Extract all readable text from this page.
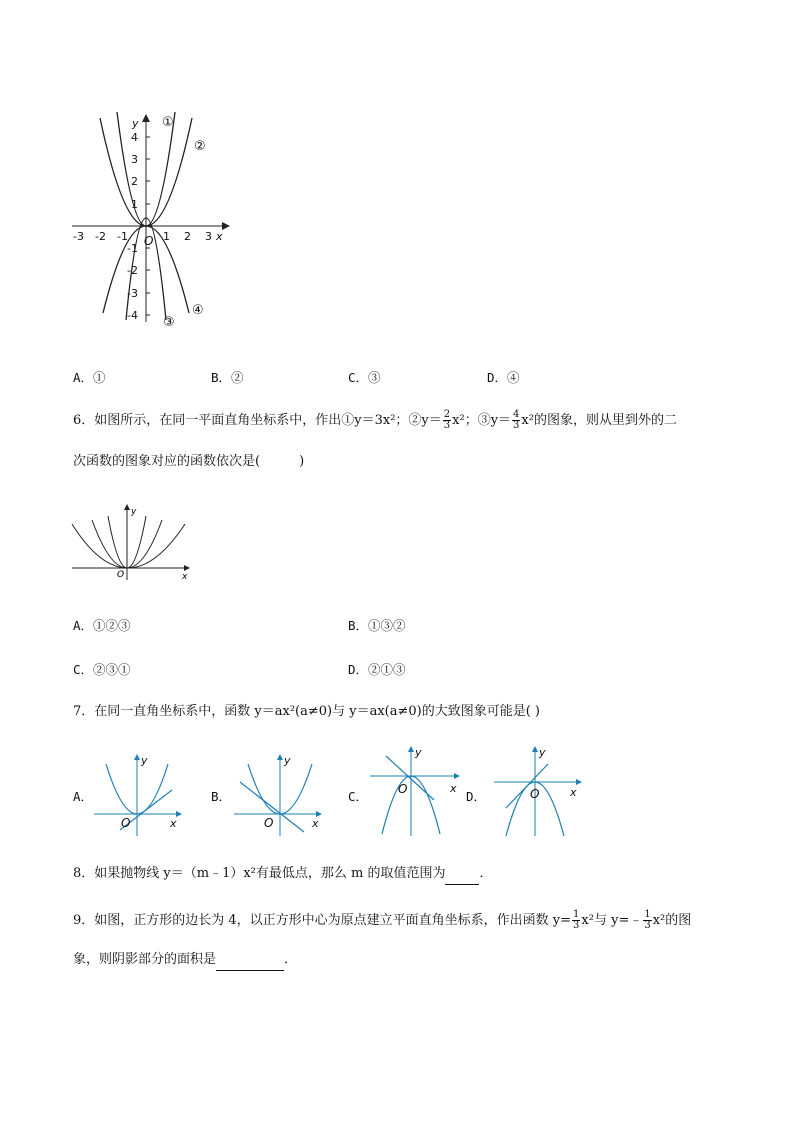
4
3
2
1
-1
-2
-3
-4
-3 -2 -1	1 2 3 x
y
O
①
②
③
④
A．①	B．②	C．③	D．④
6．如图所示，在同一平面直角坐标系中，作出①y＝3x²；②y＝ $\frac{2}{3} x^2$；③y＝ $\frac{4}{3} x^2$的图象，则从里到外的二
次函数的图象对应的函数依次是(　　　)
y
x
O
A．①②③	B．①③②
C．②③①	D．②①③
7．在同一直角坐标系中，函数 y＝ax²(a≠0)与 y＝ax(a≠0)的大致图象可能是( )
A．
y
x
O
B．
y
x
O
C．
y
x
O	D．
y
x
O
8．如果抛物线 y＝（m﹣1）x²有最低点，那么 m 的取值范围为	．
9．如图，正方形的边长为 4，以正方形中心为原点建立平面直角坐标系，作出函数 $y= \frac{1}{3} x^2$与 y=﹣ $\frac{1}{3} x^2$的图
象，则阴影部分的面积是	．
